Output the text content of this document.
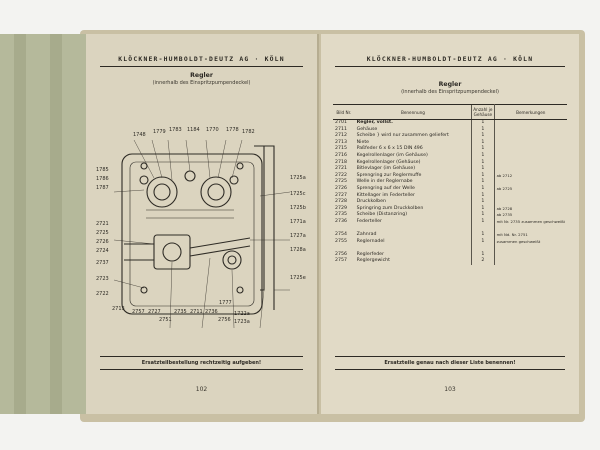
KLÖCKNER-HUMBOLDT-DEUTZ AG · KÖLN
Regler
(innerhalb des Einspritzpumpendeckel)
1748 1779 1783 1184 1770 1778 1782
1785
1786
1787
2721
2725
2726
2724
2737
2723
2722
1725a
1725c
1725b
1771a
1727a
1728a
1725e
2713 2757 2727
2751
2735 2711 2736
2756
1722a
1723a
1777
Ersatzteilbestellung rechtzeitig aufgeben!
102
KLÖCKNER-HUMBOLDT-DEUTZ AG · KÖLN
Regler
(innerhalb des Einspritzpumpendeckel)
Bild Nr.	Benennung	Anzahl je Gehäuse	Bemerkungen
2701	Regler, vollst.	1	
2711	Gehäuse	1	
2712	Scheibe } wird nur zusammen geliefert	1	
2713	Niete	1	
2715	Paßfeder 6 x 6 x 15 DIN 496	1	
2716	Kegelrollenlager (im Gehäuse)	1	
2718	Kegelrollenlager (Gehäuse)	1	
2721	Bitlevlager (im Gehäuse)	1	
2722	Sprengring zur Reglermuffe	1	ab 2712
2725	Welle in der Reglernabe	1	
2726	Sprengring auf der Welle	1	ab 2725
2727	Kittellager im Federteller	1	
2728	Druckkolben	1	
2729	Springring zum Druckkolben	1	ab 2728
2735	Scheibe (Distanzring)	1	ab 2735
2736	Federteller	1	mit Nr. 2735 zusammen geschweißt

2754	Zahnrad	1	mit Nd. Nr. 2751
2755	Reglernadel	1	zusammen geschweißt

2756	Reglerfeder	1	
2757	Reglergewicht	2	
Ersatzteile genau nach dieser Liste benennen!
103
